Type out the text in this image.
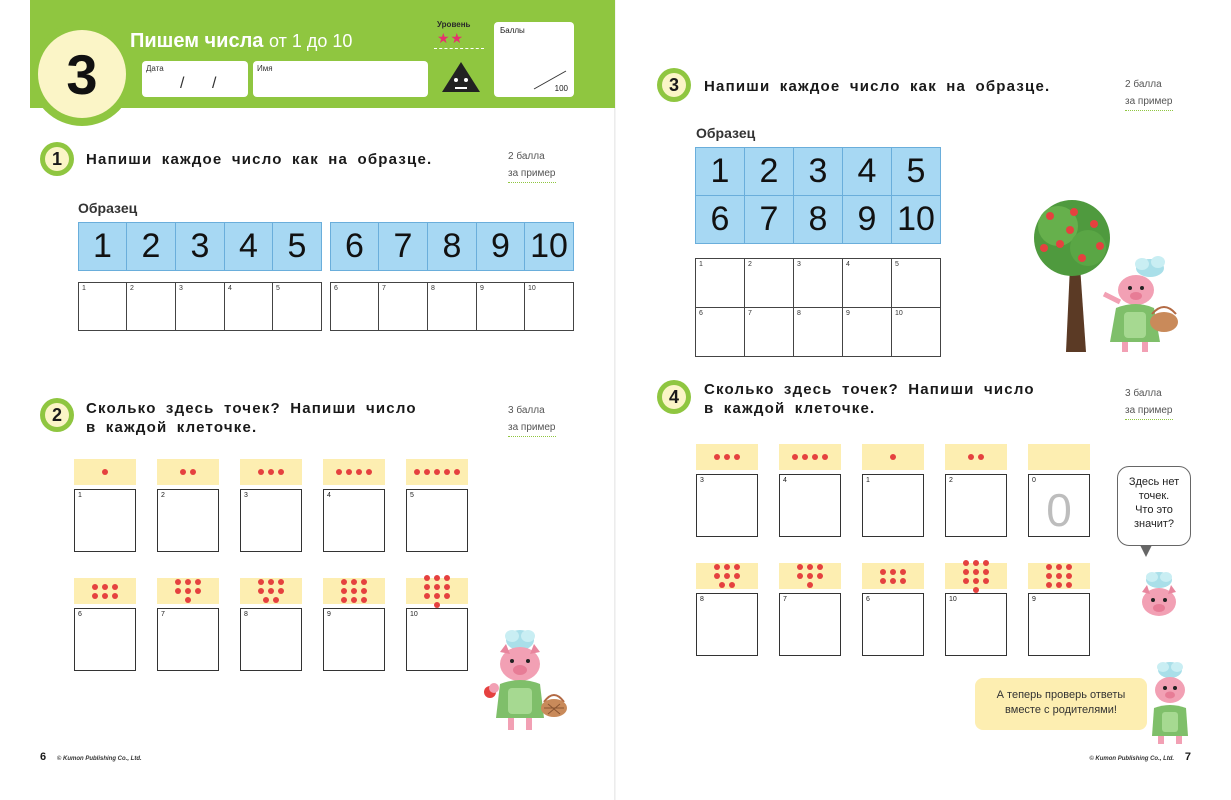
3
Пишем числа от 1 до 10
Дата
/ /
Имя
Уровень
★★	Баллы
100
1	Напиши каждое число как на образце.	2 балла
за пример
Образец
1 2 3 4 5	6 7 8 9 10
1	2	3	4	5	6	7	8	9	10
2	Сколько здесь точек? Напиши число
в каждой клеточке.
3 балла
за пример
1	2	3	4	5
6	7	8	9	10
3	Напиши каждое число как на образце.	2 балла
за пример
Образец
1 2 3 4 5
6 7 8 9 10
1	2	3	4	5
6	7	8	9	10
4	Сколько здесь точек? Напиши число
в каждой клеточке.
3 балла
за пример
3	4	1	2	0
0
8	7	6	10	9
Здесь нет
точек.
Что это
значит?
А теперь проверь ответы
вместе с родителями!
6 © Kumon Publishing Co., Ltd.	© Kumon Publishing Co., Ltd. 7
